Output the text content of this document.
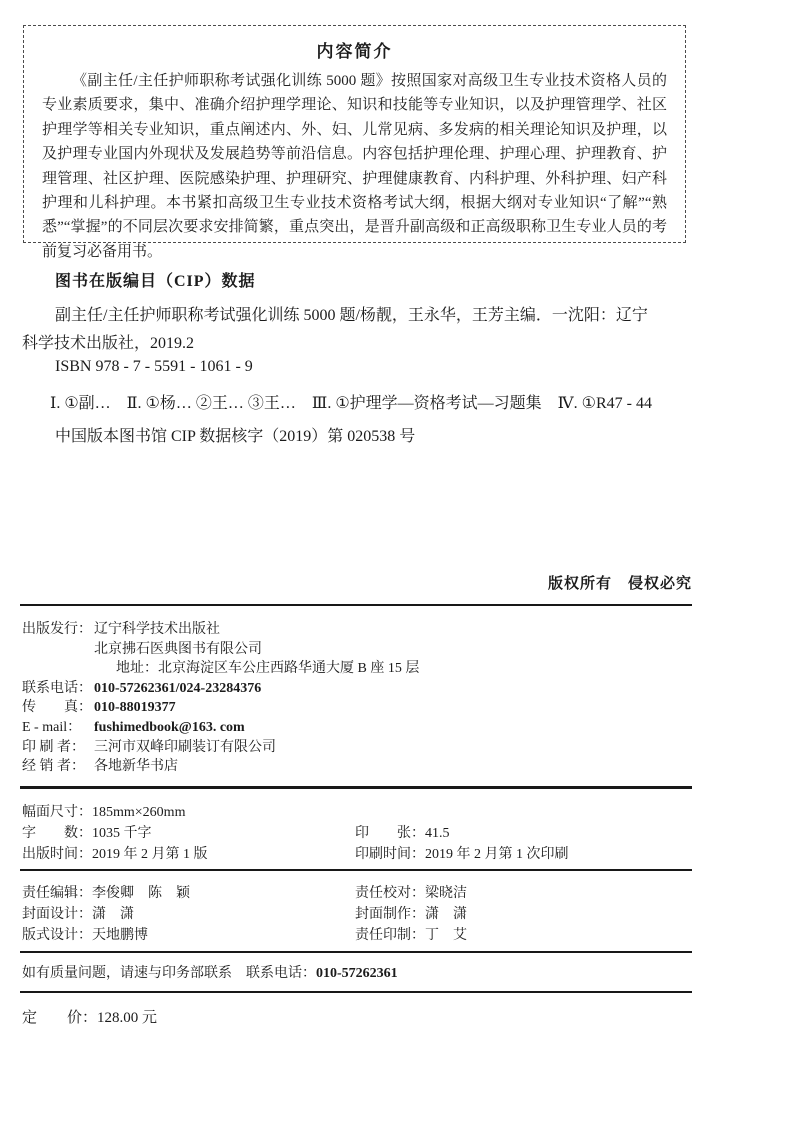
内容简介

《副主任/主任护师职称考试强化训练 5000 题》按照国家对高级卫生专业技术资格人员的专业素质要求，集中、准确介绍护理学理论、知识和技能等专业知识，以及护理管理学、社区护理学等相关专业知识，重点阐述内、外、妇、儿常见病、多发病的相关理论知识及护理，以及护理专业国内外现状及发展趋势等前沿信息。内容包括护理伦理、护理心理、护理教育、护理管理、社区护理、医院感染护理、护理研究、护理健康教育、内科护理、外科护理、妇产科护理和儿科护理。本书紧扣高级卫生专业技术资格考试大纲，根据大纲对专业知识“了解”“熟悉”“掌握”的不同层次要求安排简繁，重点突出，是晋升副高级和正高级职称卫生专业人员的考前复习必备用书。

图书在版编目（CIP）数据
副主任/主任护师职称考试强化训练 5000 题/杨靓，王永华，王芳主编．一沈阳：辽宁
科学技术出版社，2019.2
ISBN 978 - 7 - 5591 - 1061 - 9
Ⅰ. ①副…　Ⅱ. ①杨… ②王… ③王…　Ⅲ. ①护理学—资格考试—习题集　Ⅳ. ①R47 - 44
中国版本图书馆 CIP 数据核字（2019）第 020538 号
版权所有　侵权必究
出版发行： 辽宁科学技术出版社
北京拂石医典图书有限公司
地址：北京海淀区车公庄西路华通大厦 B 座 15 层
联系电话： 010-57262361/024-23284376
传　　真： 010-88019377
E - mail： fushimedbook@163. com
印 刷 者： 三河市双峰印刷装订有限公司
经 销 者： 各地新华书店
幅面尺寸：185mm×260mm
字　　数：1035 千字
出版时间：2019 年 2 月第 1 版
印　　张：41.5
印刷时间：2019 年 2 月第 1 次印刷
责任编辑：李俊卿　陈　颖
封面设计：潇　潇
版式设计：天地鹏博
责任校对：梁晓洁
封面制作：潇　潇
责任印制：丁　艾
如有质量问题，请速与印务部联系　联系电话：010-57262361
定　　价：128.00 元
